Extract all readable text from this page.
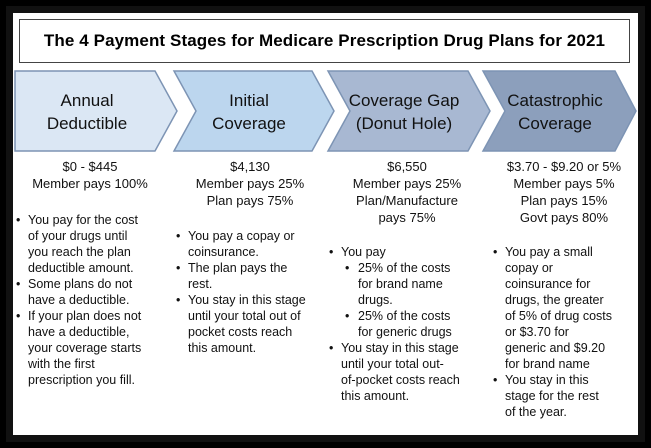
The 4 Payment Stages for Medicare Prescription Drug Plans for 2021
Annual
Deductible
Initial
Coverage
Coverage Gap
(Donut Hole)
Catastrophic
Coverage
$0 - $445
Member pays 100%
• You pay for the cost
of your drugs until
you reach the plan
deductible amount.
• Some plans do not
have a deductible.
• If your plan does not
have a deductible,
your coverage starts
with the first
prescription you fill.
$4,130
Member pays 25%
Plan pays 75%
• You pay a copay or
coinsurance.
• The plan pays the
rest.
• You stay in this stage
until your total out of
pocket costs reach
this amount.
$6,550
Member pays 25%
Plan/Manufacture
pays 75%
• You pay
• 25% of the costs
for brand name
drugs.
• 25% of the costs
for generic drugs
• You stay in this stage
until your total out-
of-pocket costs reach
this amount.
$3.70 - $9.20 or 5%
Member pays 5%
Plan pays 15%
Govt pays 80%
• You pay a small
copay or
coinsurance for
drugs, the greater
of 5% of drug costs
or $3.70 for
generic and $9.20
for brand name
• You stay in this
stage for the rest
of the year.
